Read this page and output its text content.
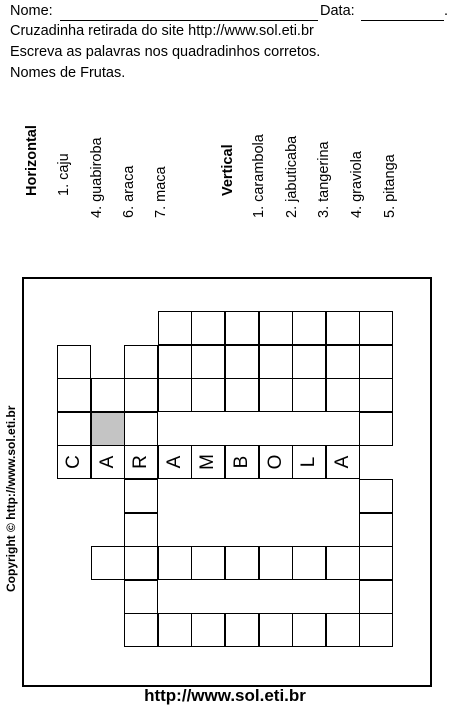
Nome:	Data:	.
Cruzadinha retirada do site http://www.sol.eti.br
Escreva as palavras nos quadradinhos corretos.
Nomes de Frutas.
Horizontal 1. caju 4. guabiroba 6. araca 7. maca	Vertical 1. carambola 2. jabuticaba 3. tangerina 4. graviola 5. pitanga
C A R A M B O L A
Copyright © http://www.sol.eti.br
http://www.sol.eti.br
